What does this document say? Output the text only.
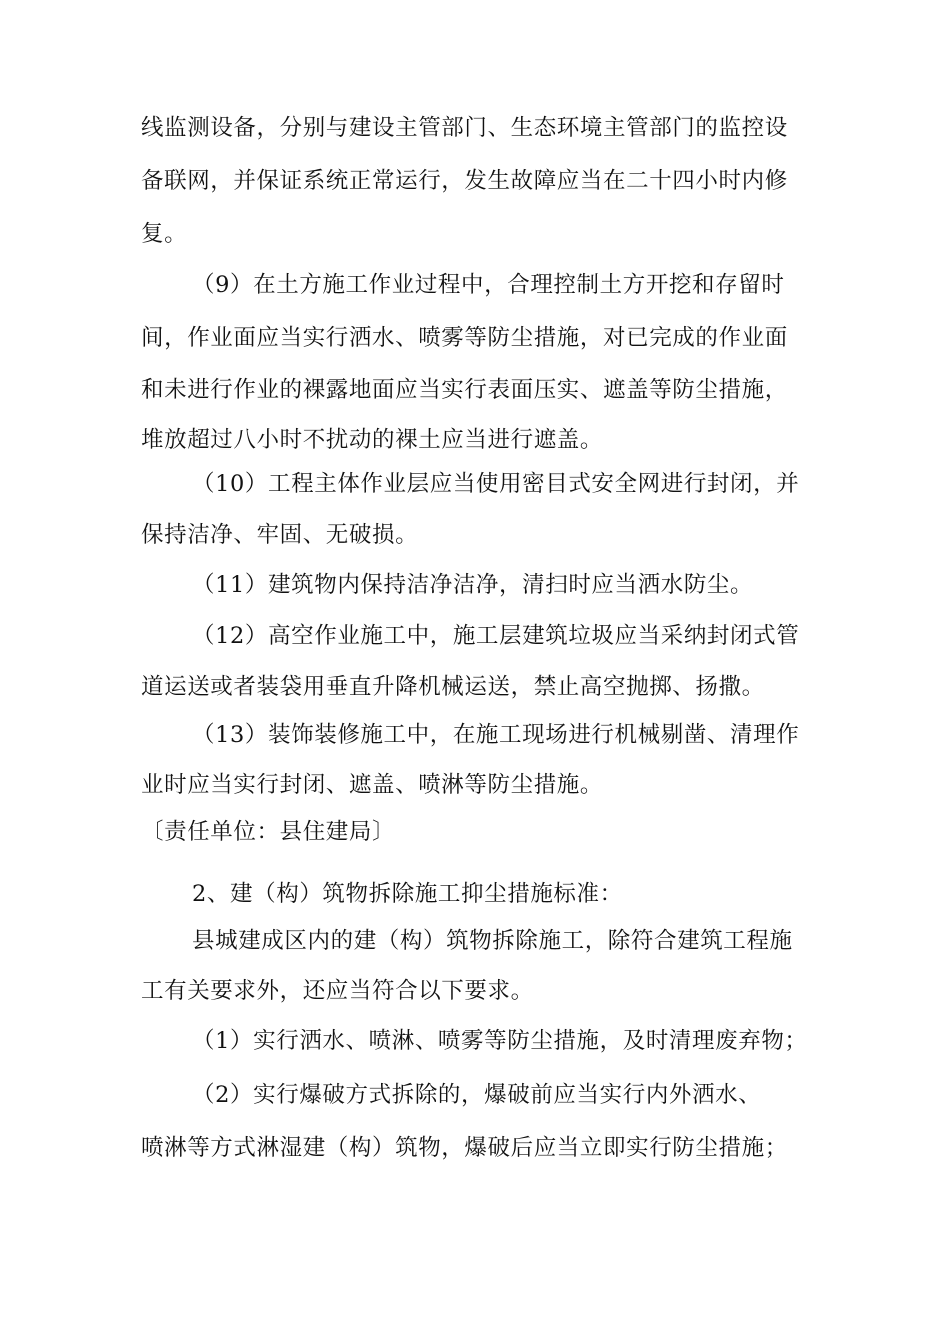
线监测设备，分别与建设主管部门、生态环境主管部门的监控设
备联网，并保证系统正常运行，发生故障应当在二十四小时内修
复。
（9）在土方施工作业过程中，合理控制土方开挖和存留时
间，作业面应当实行洒水、喷雾等防尘措施，对已完成的作业面
和未进行作业的裸露地面应当实行表面压实、遮盖等防尘措施，
堆放超过八小时不扰动的裸土应当进行遮盖。
（10）工程主体作业层应当使用密目式安全网进行封闭，并
保持洁净、牢固、无破损。
（11）建筑物内保持洁净洁净，清扫时应当洒水防尘。
（12）高空作业施工中，施工层建筑垃圾应当采纳封闭式管
道运送或者装袋用垂直升降机械运送，禁止高空抛掷、扬撒。
（13）装饰装修施工中，在施工现场进行机械剔凿、清理作
业时应当实行封闭、遮盖、喷淋等防尘措施。
〔责任单位：县住建局〕
2、建（构）筑物拆除施工抑尘措施标准：
县城建成区内的建（构）筑物拆除施工，除符合建筑工程施
工有关要求外，还应当符合以下要求。
（1）实行洒水、喷淋、喷雾等防尘措施，及时清理废弃物；
（2）实行爆破方式拆除的，爆破前应当实行内外洒水、
喷淋等方式淋湿建（构）筑物，爆破后应当立即实行防尘措施；
